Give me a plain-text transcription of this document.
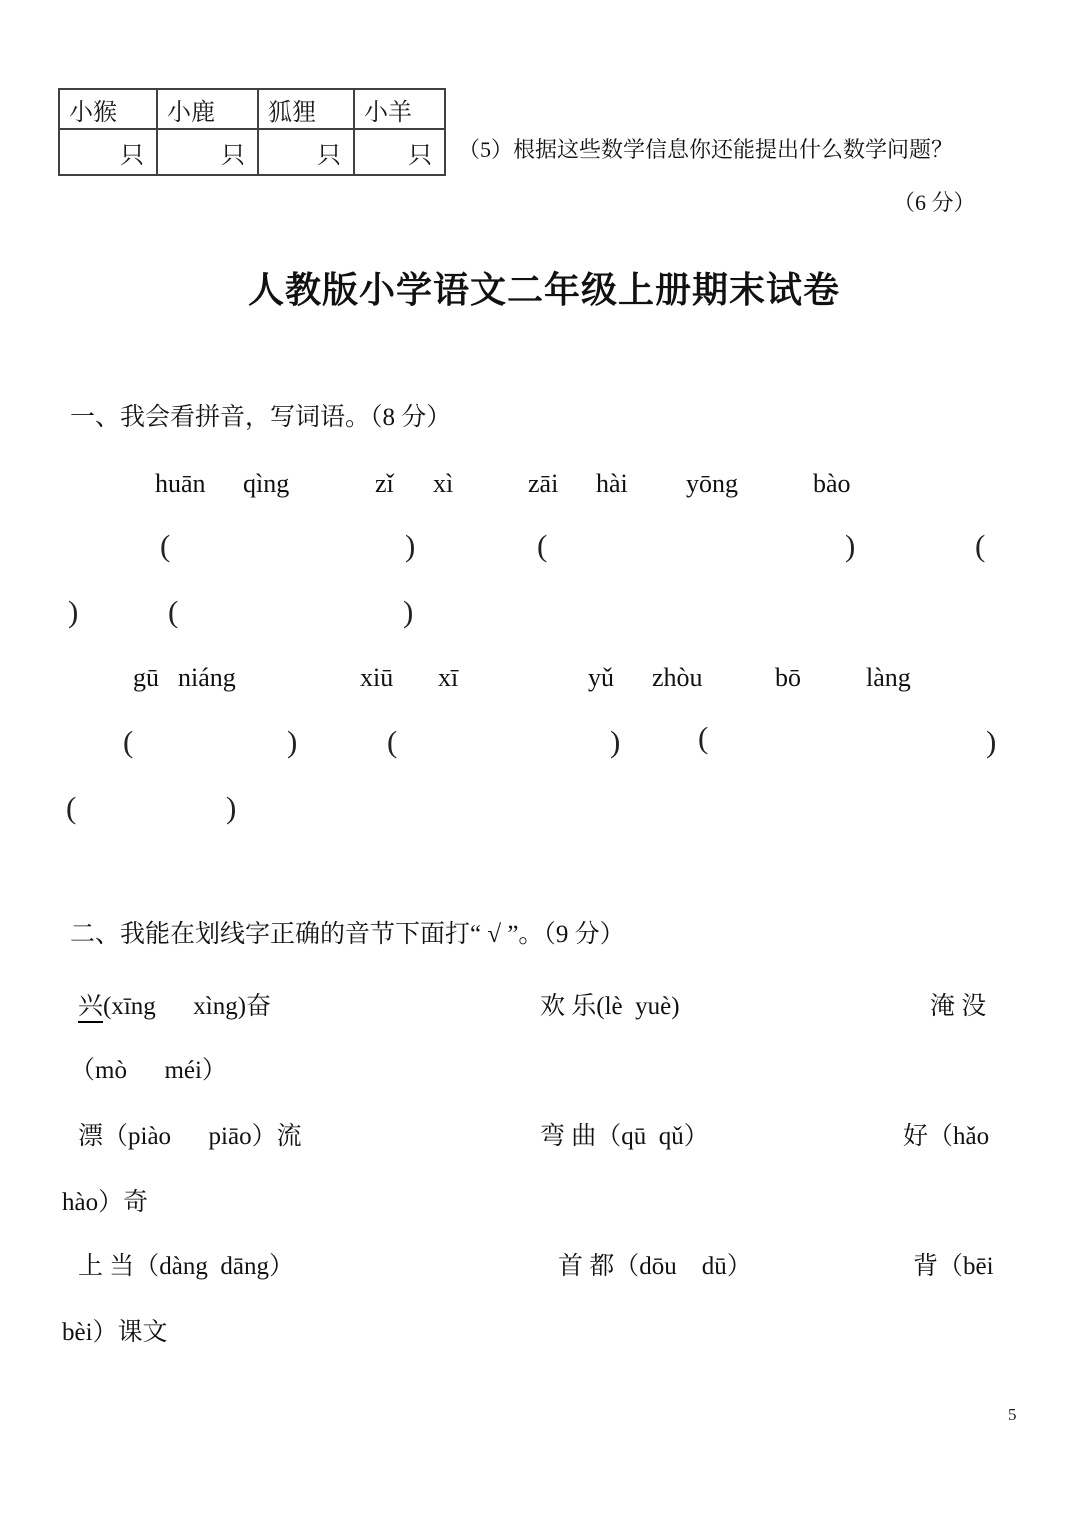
小猴	小鹿	狐狸	小羊
只	只	只	只 （5）根据这些数学信息你还能提出什么数学问题？
（6 分）
人教版小学语文二年级上册期末试卷
一、我会看拼音，写词语。（8 分）
huān qìng	zǐ xì	zāi hài yōng	bào
(	)	(	)	(
)	(	)
gū niáng	xiū xī	yǔ zhòu	bō	làng
(	)	(	)	(	)
(	)
二、我能在划线字正确的音节下面打“ √ ”。（9 分）
兴(xīng      xìng)奋	欢 乐(lè  yuè)	淹 没
（mò      méi）
漂（piào      piāo）流	弯 曲（qū  qǔ）	好（hǎo
hào）奇
上 当（dàng  dāng）	首 都（dōu    dū）	背（bēi
bèi）课文
5
